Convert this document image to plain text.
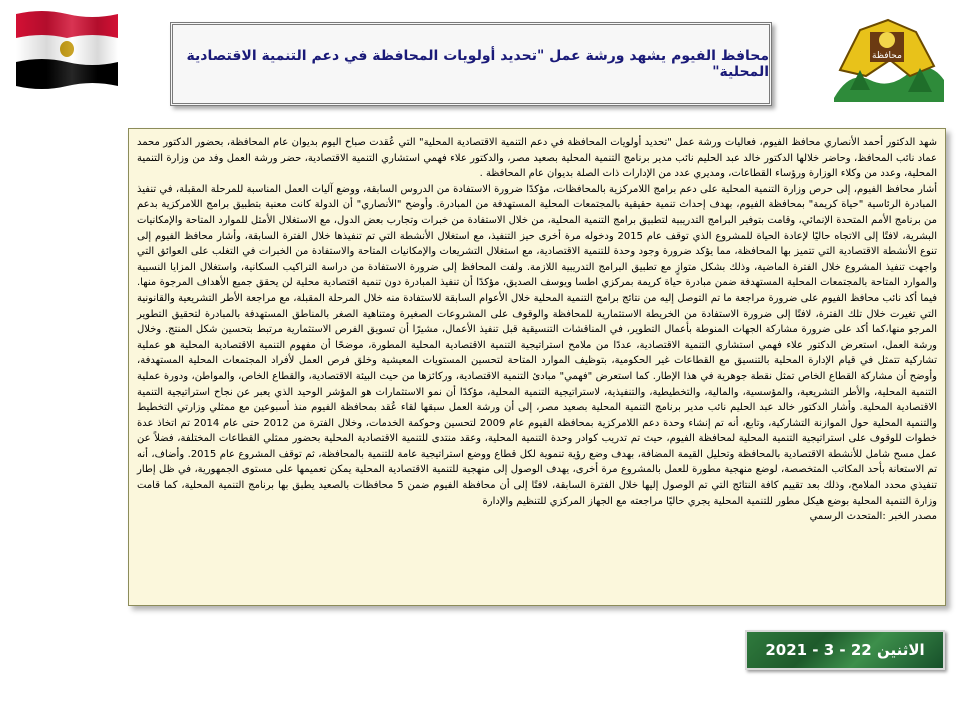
محافظة
محافظ الفيوم يشهد ورشة عمل "تحديد أولويات المحافظة في دعم التنمية الاقتصادية المحلية"

شهد الدكتور أحمد الأنصاري محافظ الفيوم، فعاليات ورشة عمل "تحديد أولويات المحافظة في دعم التنمية الاقتصادية المحلية" التي عُقدت صباح اليوم بديوان عام المحافظة، بحضور الدكتور محمد عماد نائب المحافظ، وحاضر خلالها الدكتور خالد عبد الحليم نائب مدير برنامج التنمية المحلية بصعيد مصر، والدكتور علاء فهمي استشاري التنمية الاقتصادية، حضر ورشة العمل وفد من وزارة التنمية المحلية، وعدد من وكلاء الوزارة ورؤساء القطاعات، ومديري عدد من الإدارات ذات الصلة بديوان عام المحافظة .

أشار محافظ الفيوم، إلى حرص وزارة التنمية المحلية على دعم برامج اللامركزية بالمحافظات، مؤكدًا ضرورة الاستفادة من الدروس السابقة، ووضع آليات العمل المناسبة للمرحلة المقبلة، في تنفيذ المبادرة الرئاسية "حياة كريمة" بمحافظة الفيوم، بهدف إحداث تنمية حقيقية بالمجتمعات المحلية المستهدفة من المبادرة. وأوضح "الأنصاري" أن الدولة كانت معنية بتطبيق برامج اللامركزية بدعم من برنامج الأمم المتحدة الإنمائي، وقامت بتوفير البرامج التدريبية لتطبيق برامج التنمية المحلية، من خلال الاستفادة من خبرات وتجارب بعض الدول، مع الاستغلال الأمثل للموارد المتاحة والإمكانيات البشرية، لافتًا إلى الاتجاه حاليًا لإعادة الحياة للمشروع الذي توقف عام 2015 ودخوله مرة أخرى حيز التنفيذ، مع استغلال الأنشطة التي تم تنفيذها خلال الفترة السابقة، وأشار محافظ الفيوم إلى تنوع الأنشطة الاقتصادية التي تتميز بها المحافظة، مما يؤكد ضرورة وجود وحدة للتنمية الاقتصادية، مع استغلال التشريعات والإمكانيات المتاحة والاستفادة من الخبرات في التغلب على العوائق التي واجهت تنفيذ المشروع خلال الفترة الماضية، وذلك بشكل متوازٍ مع تطبيق البرامج التدريبية اللازمة. ولفت المحافظ إلى ضرورة الاستفادة من دراسة التراكيب السكانية، واستغلال المزايا النسبية والموارد المتاحة بالمجتمعات المحلية المستهدفة ضمن مبادرة حياة كريمة بمركزي اطسا ويوسف الصديق، مؤكدًا أن تنفيذ المبادرة دون تنمية اقتصادية محلية لن يحقق جميع الأهداف المرجوة منها. فيما أكد نائب محافظ الفيوم على ضرورة مراجعة ما تم التوصل إليه من نتائج برامج التنمية المحلية خلال الأعوام السابقة للاستفادة منه خلال المرحلة المقبلة، مع مراجعة الأطر التشريعية والقانونية التي تغيرت خلال تلك الفترة، لافتًا إلى ضرورة الاستفادة من الخريطة الاستثمارية للمحافظة والوقوف على المشروعات الصغيرة ومتناهية الصغر بالمناطق المستهدفة بالمبادرة لتحقيق التطوير المرجو منها،كما أكد على ضرورة مشاركة الجهات المنوطة بأعمال التطوير، في المناقشات التنسيقية قبل تنفيذ الأعمال، مشيرًا أن تسويق الفرص الاستثمارية مرتبط بتحسين شكل المنتج. وخلال ورشة العمل، استعرض الدكتور علاء فهمي استشاري التنمية الاقتصادية، عددًا من ملامح استراتيجية التنمية الاقتصادية المحلية المطورة، موضحًا أن مفهوم التنمية الاقتصادية المحلية هو عملية تشاركية تتمثل في قيام الإدارة المحلية بالتنسيق مع القطاعات غير الحكومية، بتوظيف الموارد المتاحة لتحسين المستويات المعيشية وخلق فرص العمل لأفراد المجتمعات المحلية المستهدفة، وأوضح أن مشاركة القطاع الخاص تمثل نقطة جوهرية في هذا الإطار. كما استعرض "فهمي" مبادئ التنمية الاقتصادية، وركائزها من حيث البيئة الاقتصادية، والقطاع الخاص، والمواطن، ودورة عملية التنمية المحلية، والأطر التشريعية، والمؤسسية، والمالية، والتخطيطية، والتنفيذية، لاستراتيجية التنمية المحلية، مؤكدًا أن نمو الاستثمارات هو المؤشر الوحيد الذي يعبر عن نجاح استراتيجية التنمية الاقتصادية المحلية. وأشار الدكتور خالد عبد الحليم نائب مدير برنامج التنمية المحلية بصعيد مصر، إلى أن ورشة العمل سبقها لقاء عُقد بمحافظة الفيوم منذ أسبوعين مع ممثلي وزارتي التخطيط والتنمية المحلية حول الموازنة التشاركية، وتابع، أنه تم إنشاء وحدة دعم اللامركزية بمحافظة الفيوم عام 2009 لتحسين وحوكمة الخدمات، وخلال الفترة من 2012 حتى عام 2014 تم اتخاذ عدة خطوات للوقوف على استراتيجية التنمية المحلية لمحافظة الفيوم، حيث تم تدريب كوادر وحدة التنمية المحلية، وعقد منتدى للتنمية الاقتصادية المحلية بحضور ممثلي القطاعات المختلفة، فضلاً عن عمل مسح شامل للأنشطة الاقتصادية بالمحافظة وتحليل القيمة المضافة، بهدف وضع رؤية تنموية لكل قطاع ووضع استراتيجية عامة للتنمية بالمحافظة، ثم توقف المشروع عام 2015. وأضاف، أنه تم الاستعانة بأحد المكاتب المتخصصة، لوضع منهجية مطورة للعمل بالمشروع مرة أخرى، يهدف الوصول إلى منهجية للتنمية الاقتصادية المحلية يمكن تعميمها على مستوى الجمهورية، في ظل إطار تنفيذي محدد الملامح، وذلك بعد تقييم كافة النتائج التي تم الوصول إليها خلال الفترة السابقة، لافتًا إلى أن محافظة الفيوم ضمن 5 محافظات بالصعيد يطبق بها برنامج التنمية المحلية، كما قامت وزارة التنمية المحلية بوضع هيكل مطور للتنمية المحلية يجري حاليًا مراجعته مع الجهاز المركزي للتنظيم والإدارة

مصدر الخبر :المتحدث الرسمي

الاثنين 22 - 3 - 2021
